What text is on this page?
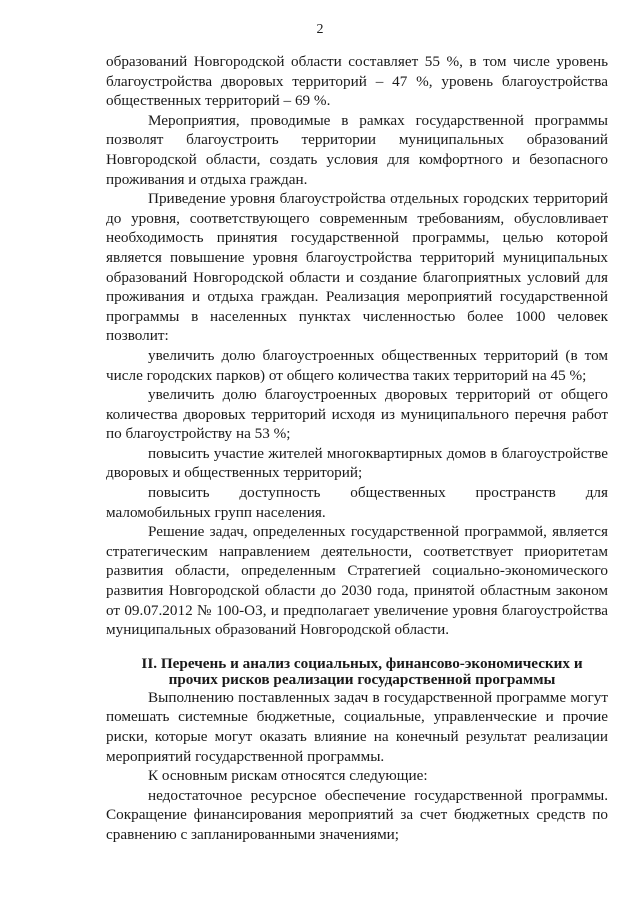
2

образований Новгородской области составляет 55 %, в том числе уровень благоустройства дворовых территорий – 47 %, уровень благоустройства общественных территорий – 69 %.

Мероприятия, проводимые в рамках государственной программы позволят благоустроить территории муниципальных образований Новгородской области, создать условия для комфортного и безопасного проживания и отдыха граждан.

Приведение уровня благоустройства отдельных городских территорий до уровня, соответствующего современным требованиям, обусловливает необходимость принятия государственной программы, целью которой является повышение уровня благоустройства территорий муниципальных образований Новгородской области и создание благоприятных условий для проживания и отдыха граждан. Реализация мероприятий государственной программы в населенных пунктах численностью более 1000 человек позволит:

увеличить долю благоустроенных общественных территорий (в том числе городских парков) от общего количества таких территорий на 45 %;

увеличить долю благоустроенных дворовых территорий от общего количества дворовых территорий исходя из муниципального перечня работ по благоустройству на 53 %;

повысить участие жителей многоквартирных домов в благоустройстве дворовых и общественных территорий;

повысить доступность общественных пространств для маломобильных групп населения.

Решение задач, определенных государственной программой, является стратегическим направлением деятельности, соответствует приоритетам развития области, определенным Стратегией социально-экономического развития Новгородской области до 2030 года, принятой областным законом от 09.07.2012 № 100-ОЗ, и предполагает увеличение уровня благоустройства муниципальных образований Новгородской области.

II. Перечень и анализ социальных, финансово-экономических и
прочих рисков реализации государственной программы

Выполнению поставленных задач в государственной программе могут помешать системные бюджетные, социальные, управленческие и прочие риски, которые могут оказать влияние на конечный результат реализации мероприятий государственной программы.

К основным рискам относятся следующие:

недостаточное ресурсное обеспечение государственной программы. Сокращение финансирования мероприятий за счет бюджетных средств по сравнению с запланированными значениями;
